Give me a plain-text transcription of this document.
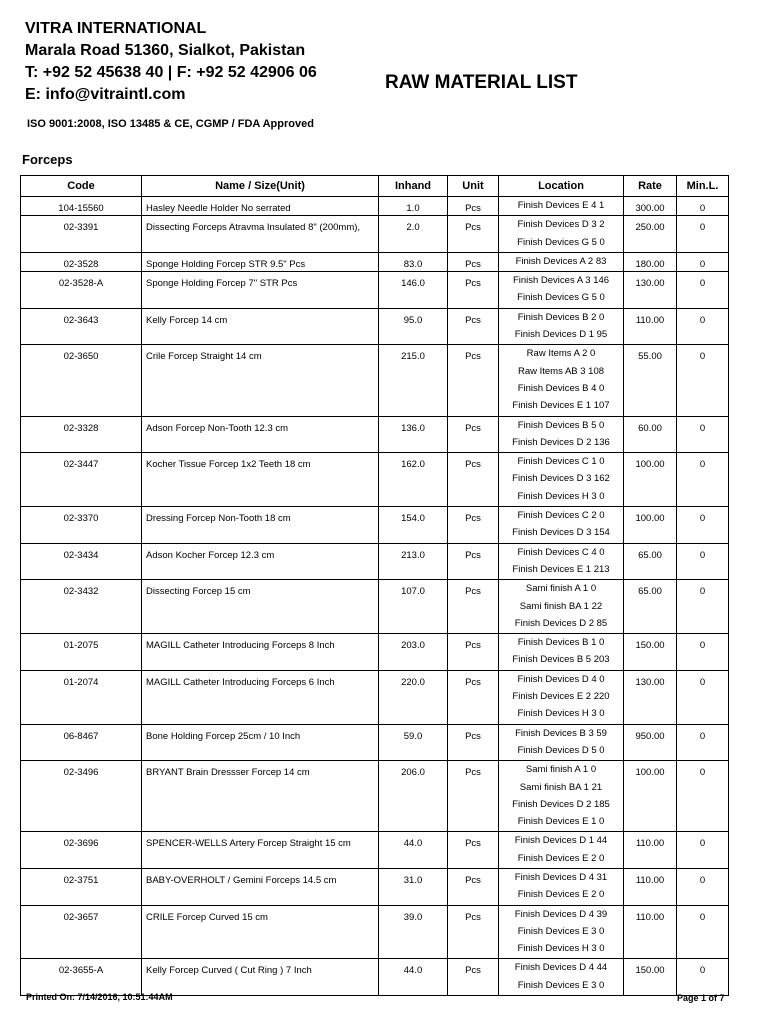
VITRA INTERNATIONAL
Marala Road 51360, Sialkot, Pakistan
T: +92 52 45638 40 | F: +92 52 42906 06
E: info@vitraintl.com
RAW MATERIAL LIST
ISO 9001:2008, ISO 13485 & CE, CGMP / FDA Approved
Forceps
Code	Name / Size(Unit)	Inhand	Unit	Location	Rate	Min.L.
104-15560	Hasley Needle Holder No serrated	1.0	Pcs	Finish Devices E 4 1	300.00	0
02-3391	Dissecting Forceps Atravma Insulated 8" (200mm),	2.0	Pcs	Finish Devices D 3 2
Finish Devices G 5 0	250.00	0
02-3528	Sponge Holding Forcep STR 9.5" Pcs	83.0	Pcs	Finish Devices A 2 83	180.00	0
02-3528-A	Sponge Holding Forcep 7" STR Pcs	146.0	Pcs	Finish Devices A 3 146
Finish Devices G 5 0	130.00	0
02-3643	Kelly Forcep 14 cm	95.0	Pcs	Finish Devices B 2 0
Finish Devices D 1 95	110.00	0
02-3650	Crile Forcep Straight 14 cm	215.0	Pcs	Raw Items A 2 0
Raw Items AB 3 108
Finish Devices B 4 0
Finish Devices E 1 107	55.00	0
02-3328	Adson Forcep Non-Tooth 12.3 cm	136.0	Pcs	Finish Devices B 5 0
Finish Devices D 2 136	60.00	0
02-3447	Kocher Tissue Forcep 1x2 Teeth 18 cm	162.0	Pcs	Finish Devices C 1 0
Finish Devices D 3 162
Finish Devices H 3 0	100.00	0
02-3370	Dressing Forcep Non-Tooth 18 cm	154.0	Pcs	Finish Devices C 2 0
Finish Devices D 3 154	100.00	0
02-3434	Adson Kocher Forcep 12.3 cm	213.0	Pcs	Finish Devices C 4 0
Finish Devices E 1 213	65.00	0
02-3432	Dissecting Forcep 15 cm	107.0	Pcs	Sami finish A 1 0
Sami finish BA 1 22
Finish Devices D 2 85	65.00	0
01-2075	MAGILL Catheter Introducing Forceps 8 Inch	203.0	Pcs	Finish Devices B 1 0
Finish Devices B 5 203	150.00	0
01-2074	MAGILL Catheter Introducing Forceps 6 Inch	220.0	Pcs	Finish Devices D 4 0
Finish Devices E 2 220
Finish Devices H 3 0	130.00	0
06-8467	Bone Holding Forcep 25cm / 10 Inch	59.0	Pcs	Finish Devices B 3 59
Finish Devices D 5 0	950.00	0
02-3496	BRYANT Brain Dressser Forcep 14 cm	206.0	Pcs	Sami finish A 1 0
Sami finish BA 1 21
Finish Devices D 2 185
Finish Devices E 1 0	100.00	0
02-3696	SPENCER-WELLS Artery Forcep Straight 15 cm	44.0	Pcs	Finish Devices D 1 44
Finish Devices E 2 0	110.00	0
02-3751	BABY-OVERHOLT / Gemini Forceps 14.5 cm	31.0	Pcs	Finish Devices D 4 31
Finish Devices E 2 0	110.00	0
02-3657	CRILE Forcep Curved 15 cm	39.0	Pcs	Finish Devices D 4 39
Finish Devices E 3 0
Finish Devices H 3 0	110.00	0
02-3655-A	Kelly Forcep Curved ( Cut Ring ) 7 Inch	44.0	Pcs	Finish Devices D 4 44
Finish Devices E 3 0	150.00	0
Printed On: 7/14/2016, 10:51:44AM	Page 1 of 7
